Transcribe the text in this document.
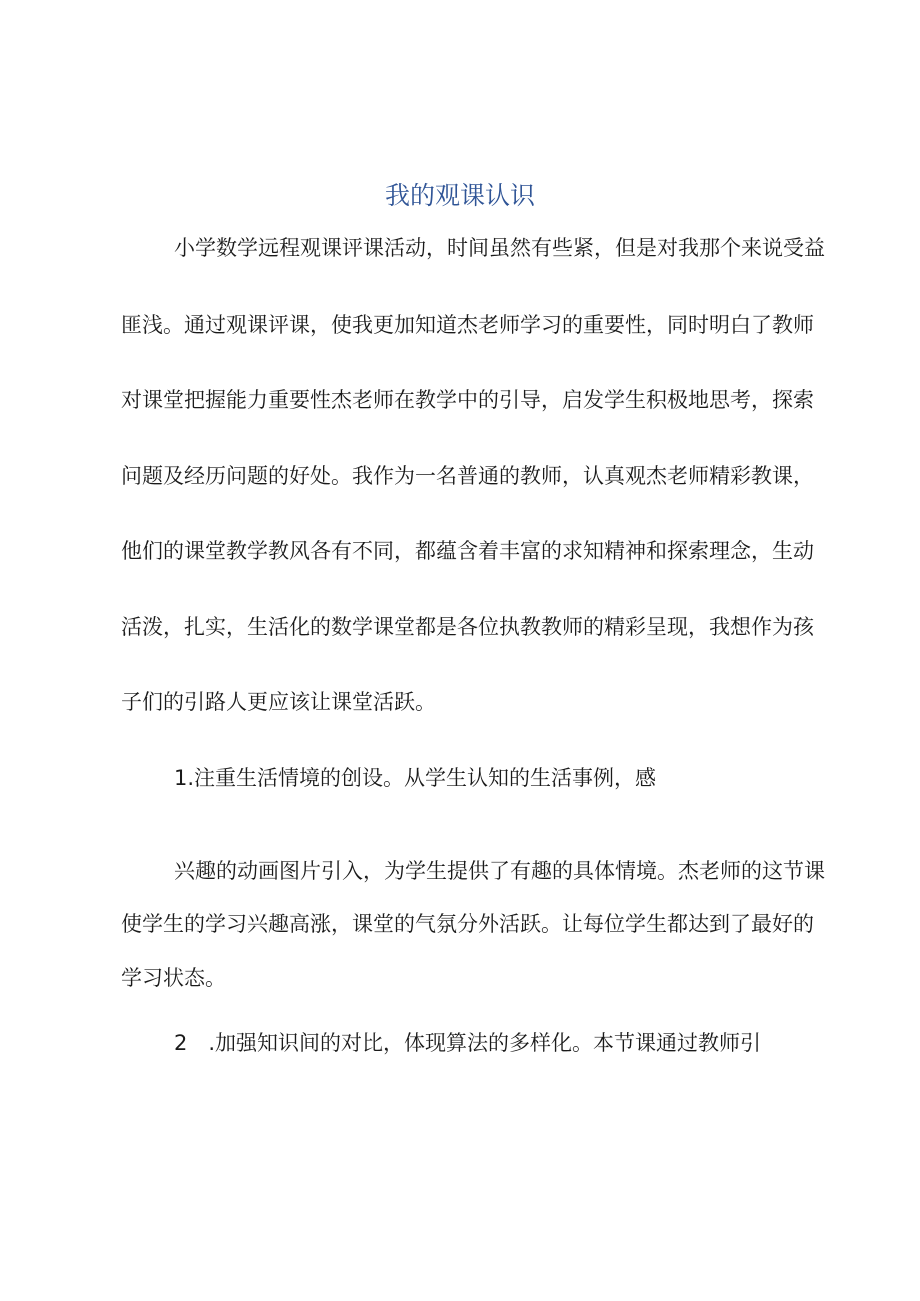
我的观课认识

小学数学远程观课评课活动，时间虽然有些紧，但是对我那个来说受益

匪浅。通过观课评课，使我更加知道杰老师学习的重要性，同时明白了教师

对课堂把握能力重要性杰老师在教学中的引导，启发学生积极地思考，探索

问题及经历问题的好处。我作为一名普通的教师，认真观杰老师精彩教课，

他们的课堂教学教风各有不同，都蕴含着丰富的求知精神和探索理念，生动

活泼，扎实，生活化的数学课堂都是各位执教教师的精彩呈现，我想作为孩

子们的引路人更应该让课堂活跃。

1.注重生活情境的创设。从学生认知的生活事例，感

兴趣的动画图片引入，为学生提供了有趣的具体情境。杰老师的这节课

使学生的学习兴趣高涨，课堂的气氛分外活跃。让每位学生都达到了最好的

学习状态。

2　.加强知识间的对比，体现算法的多样化。本节课通过教师引
